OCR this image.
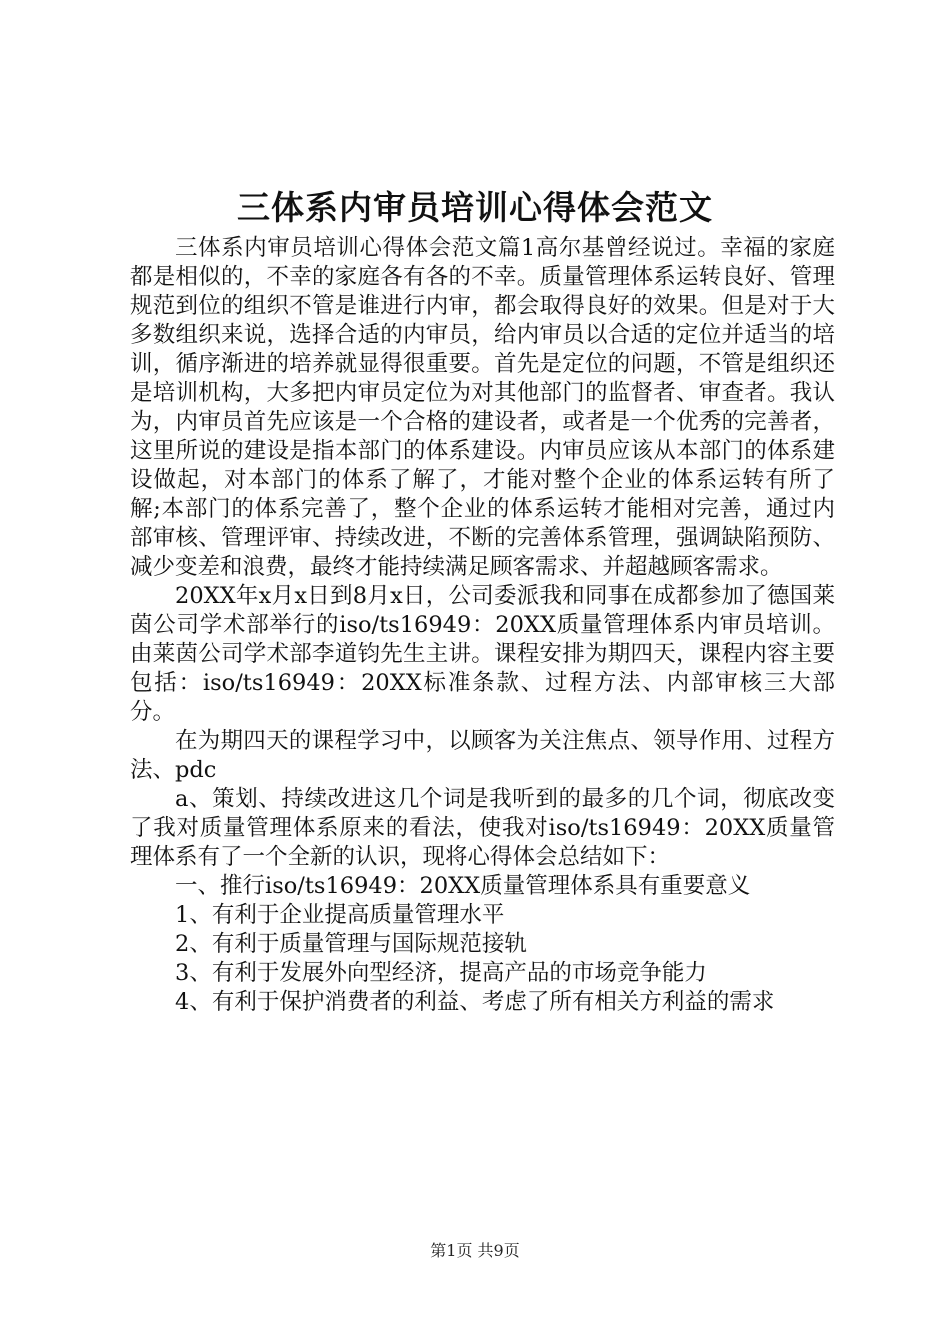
三体系内审员培训心得体会范文

三体系内审员培训心得体会范文篇1高尔基曾经说过。幸福的家庭都是相似的，不幸的家庭各有各的不幸。质量管理体系运转良好、管理规范到位的组织不管是谁进行内审，都会取得良好的效果。但是对于大多数组织来说，选择合适的内审员，给内审员以合适的定位并适当的培训，循序渐进的培养就显得很重要。首先是定位的问题，不管是组织还是培训机构，大多把内审员定位为对其他部门的监督者、审查者。我认为，内审员首先应该是一个合格的建设者，或者是一个优秀的完善者，这里所说的建设是指本部门的体系建设。内审员应该从本部门的体系建设做起，对本部门的体系了解了，才能对整个企业的体系运转有所了解;本部门的体系完善了，整个企业的体系运转才能相对完善，通过内部审核、管理评审、持续改进，不断的完善体系管理，强调缺陷预防、减少变差和浪费，最终才能持续满足顾客需求、并超越顾客需求。

20XX年x月x日到8月x日，公司委派我和同事在成都参加了德国莱茵公司学术部举行的iso/ts16949：20XX质量管理体系内审员培训。由莱茵公司学术部李道钧先生主讲。课程安排为期四天，课程内容主要包括：iso/ts16949：20XX标准条款、过程方法、内部审核三大部分。

在为期四天的课程学习中，以顾客为关注焦点、领导作用、过程方法、pdc

a、策划、持续改进这几个词是我听到的最多的几个词，彻底改变了我对质量管理体系原来的看法，使我对iso/ts16949：20XX质量管理体系有了一个全新的认识，现将心得体会总结如下：

一、推行iso/ts16949：20XX质量管理体系具有重要意义

1、有利于企业提高质量管理水平

2、有利于质量管理与国际规范接轨

3、有利于发展外向型经济，提高产品的市场竞争能力

4、有利于保护消费者的利益、考虑了所有相关方利益的需求

第1页 共9页
